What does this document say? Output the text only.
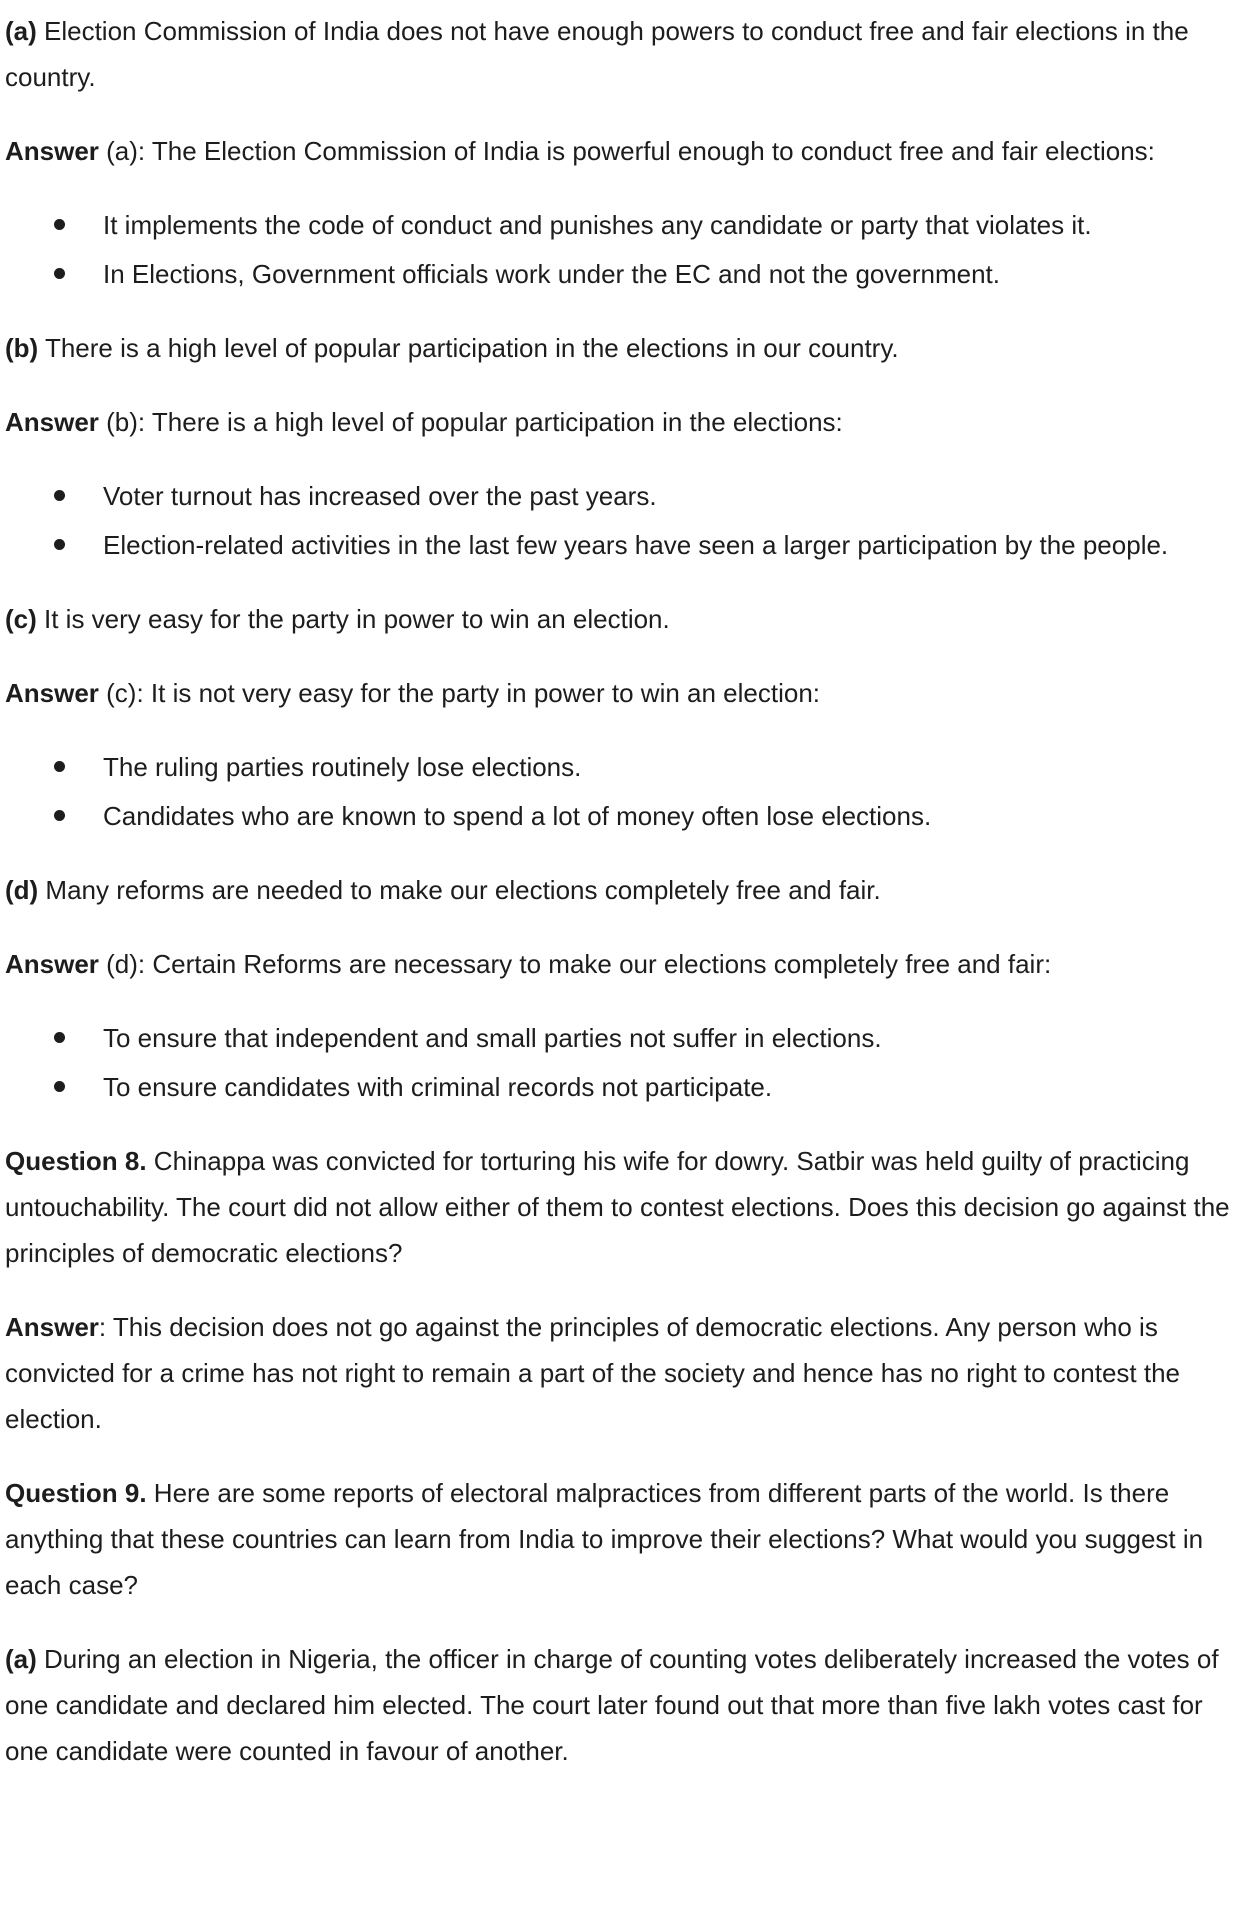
(a) Election Commission of India does not have enough powers to conduct free and fair elections in the country.

Answer (a): The Election Commission of India is powerful enough to conduct free and fair elections:

It implements the code of conduct and punishes any candidate or party that violates it.
In Elections, Government officials work under the EC and not the government.

(b) There is a high level of popular participation in the elections in our country.

Answer (b): There is a high level of popular participation in the elections:

Voter turnout has increased over the past years.
Election-related activities in the last few years have seen a larger participation by the people.

(c) It is very easy for the party in power to win an election.

Answer (c): It is not very easy for the party in power to win an election:

The ruling parties routinely lose elections.
Candidates who are known to spend a lot of money often lose elections.

(d) Many reforms are needed to make our elections completely free and fair.

Answer (d): Certain Reforms are necessary to make our elections completely free and fair:

To ensure that independent and small parties not suffer in elections.
To ensure candidates with criminal records not participate.

Question 8. Chinappa was convicted for torturing his wife for dowry. Satbir was held guilty of practicing untouchability. The court did not allow either of them to contest elections. Does this decision go against the principles of democratic elections?

Answer: This decision does not go against the principles of democratic elections. Any person who is convicted for a crime has not right to remain a part of the society and hence has no right to contest the election.

Question 9. Here are some reports of electoral malpractices from different parts of the world. Is there anything that these countries can learn from India to improve their elections? What would you suggest in each case?

(a) During an election in Nigeria, the officer in charge of counting votes deliberately increased the votes of one candidate and declared him elected. The court later found out that more than five lakh votes cast for one candidate were counted in favour of another.
